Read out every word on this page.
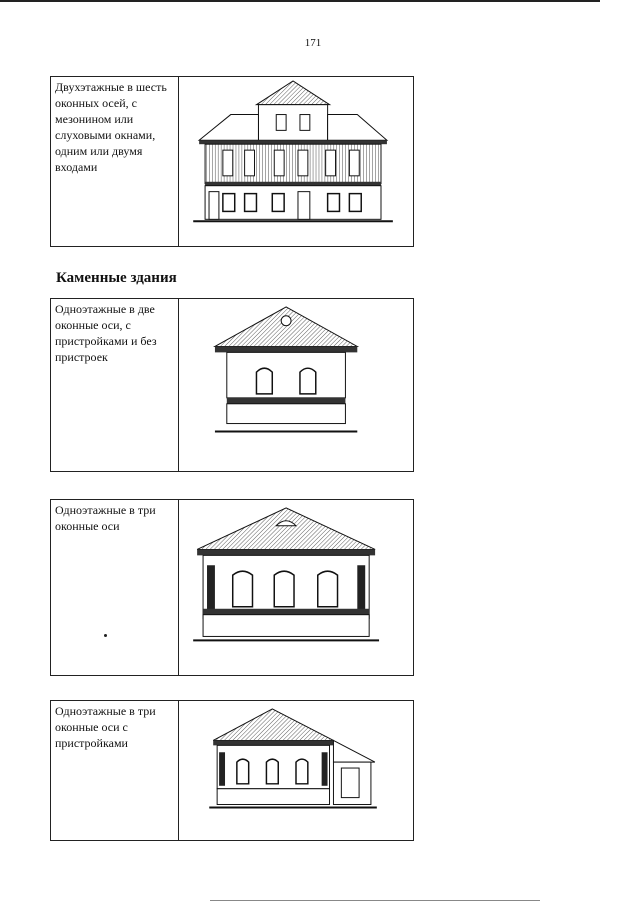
171
Двухэтажные в шесть оконных осей, с мезонином или слуховыми окнами, одним или двумя входами
Каменные здания
Одноэтажные в две оконные оси, с пристройками и без пристроек
Одноэтажные в три оконные оси
Одноэтажные в три оконные оси с пристройками
